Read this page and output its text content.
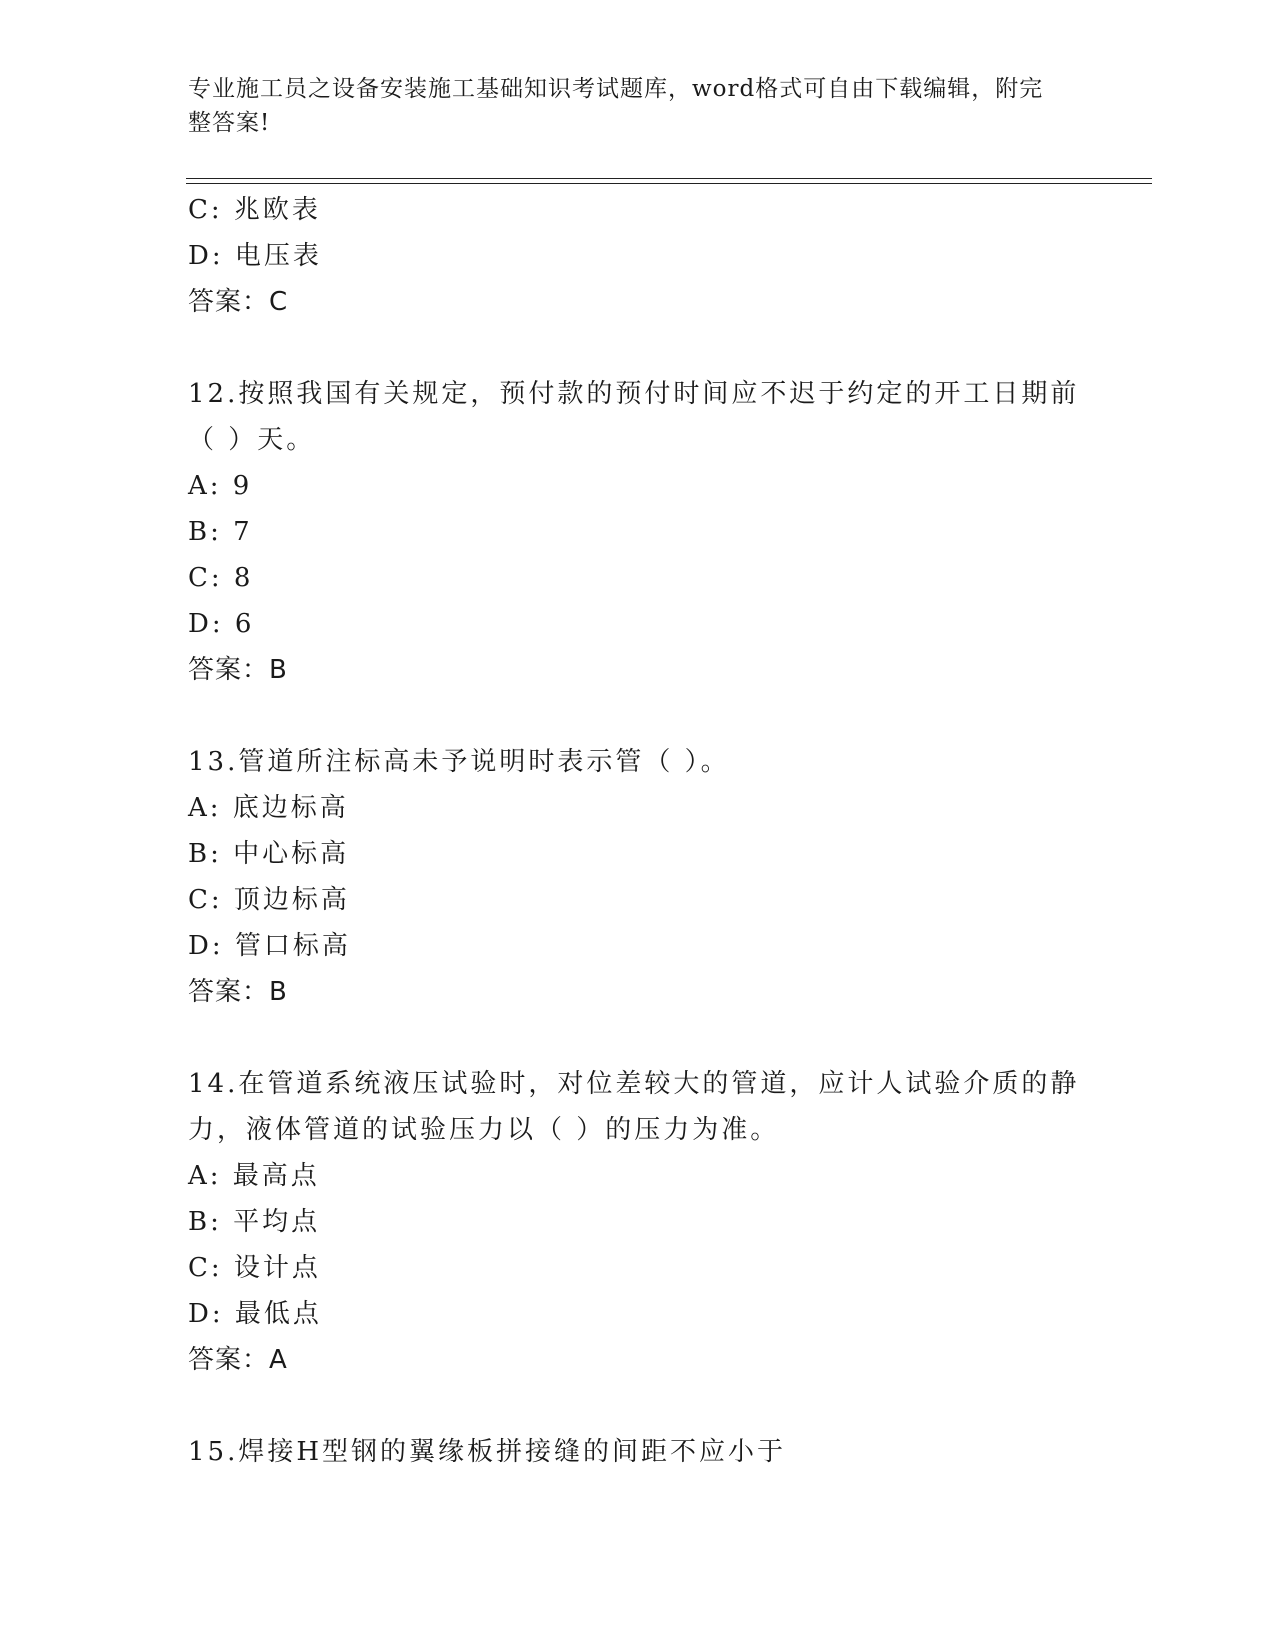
专业施工员之设备安装施工基础知识考试题库，word格式可自由下载编辑，附完
整答案!
C: 兆欧表
D: 电压表
答案：C
12.按照我国有关规定，预付款的预付时间应不迟于约定的开工日期前
（ ）天。
A: 9
B: 7
C: 8
D: 6
答案：B
13.管道所注标高未予说明时表示管（ ）。
A: 底边标高
B: 中心标高
C: 顶边标高
D: 管口标高
答案：B
14.在管道系统液压试验时，对位差较大的管道，应计人试验介质的静
力，液体管道的试验压力以（ ）的压力为准。
A: 最高点
B: 平均点
C: 设计点
D: 最低点
答案：A
15.焊接H型钢的翼缘板拼接缝的间距不应小于
